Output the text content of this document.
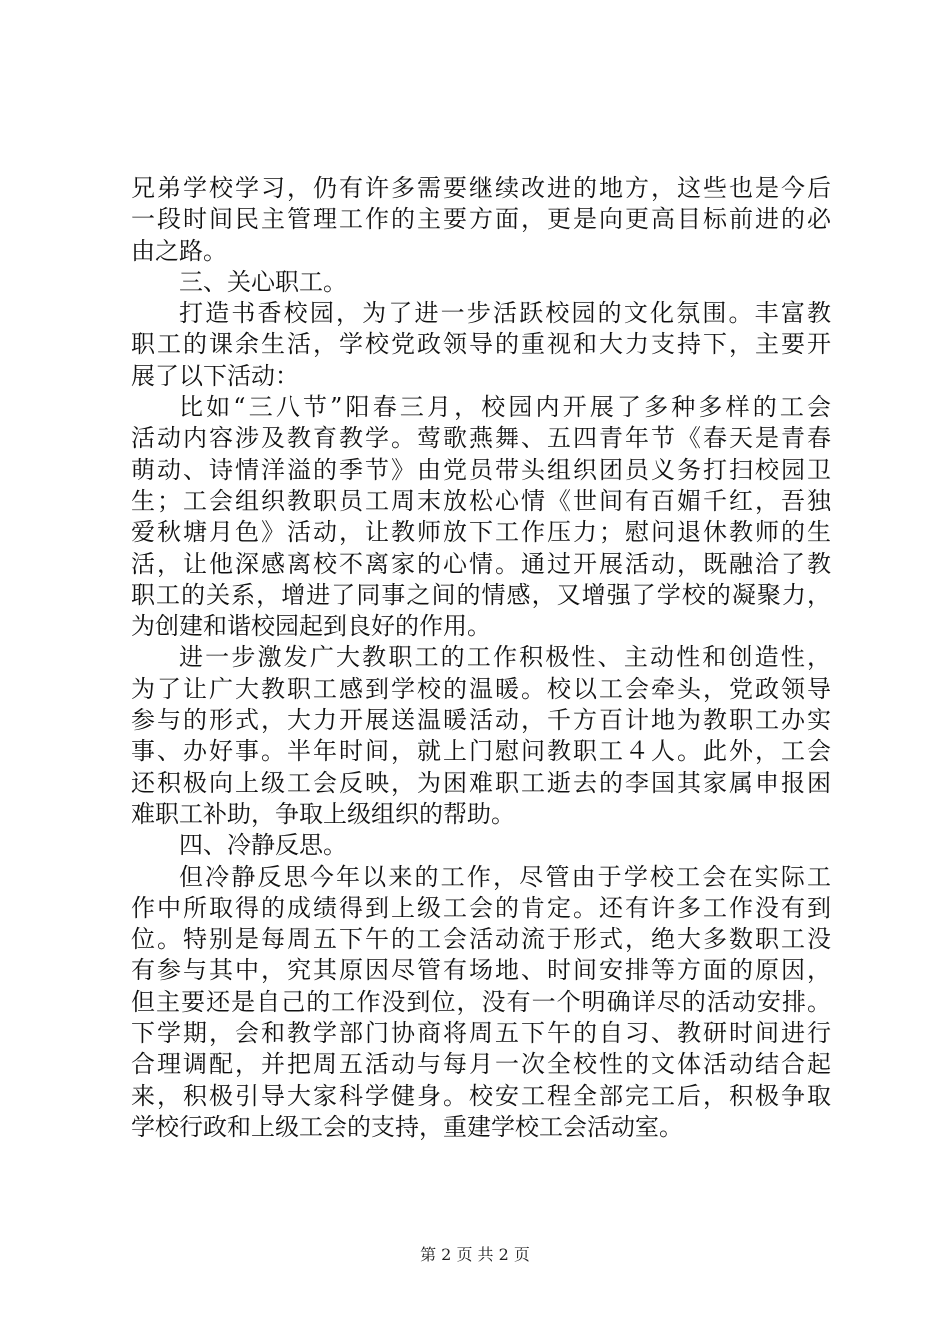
兄弟学校学习，仍有许多需要继续改进的地方，这些也是今后
一段时间民主管理工作的主要方面，更是向更高目标前进的必
由之路。
三、关心职工。
打造书香校园，为了进一步活跃校园的文化氛围。丰富教
职工的课余生活，学校党政领导的重视和大力支持下，主要开
展了以下活动：
比如“三八节”阳春三月，校园内开展了多种多样的工会
活动内容涉及教育教学。莺歌燕舞、五四青年节《春天是青春
萌动、诗情洋溢的季节》由党员带头组织团员义务打扫校园卫
生；工会组织教职员工周末放松心情《世间有百媚千红，吾独
爱秋塘月色》活动，让教师放下工作压力；慰问退休教师的生
活，让他深感离校不离家的心情。通过开展活动，既融洽了教
职工的关系，增进了同事之间的情感，又增强了学校的凝聚力，
为创建和谐校园起到良好的作用。
进一步激发广大教职工的工作积极性、主动性和创造性，
为了让广大教职工感到学校的温暖。校以工会牵头，党政领导
参与的形式，大力开展送温暖活动，千方百计地为教职工办实
事、办好事。半年时间，就上门慰问教职工４人。此外，工会
还积极向上级工会反映，为困难职工逝去的李国其家属申报困
难职工补助，争取上级组织的帮助。
四、冷静反思。
但冷静反思今年以来的工作，尽管由于学校工会在实际工
作中所取得的成绩得到上级工会的肯定。还有许多工作没有到
位。特别是每周五下午的工会活动流于形式，绝大多数职工没
有参与其中，究其原因尽管有场地、时间安排等方面的原因，
但主要还是自己的工作没到位，没有一个明确详尽的活动安排。
下学期，会和教学部门协商将周五下午的自习、教研时间进行
合理调配，并把周五活动与每月一次全校性的文体活动结合起
来，积极引导大家科学健身。校安工程全部完工后，积极争取
学校行政和上级工会的支持，重建学校工会活动室。
第 2 页 共 2 页
